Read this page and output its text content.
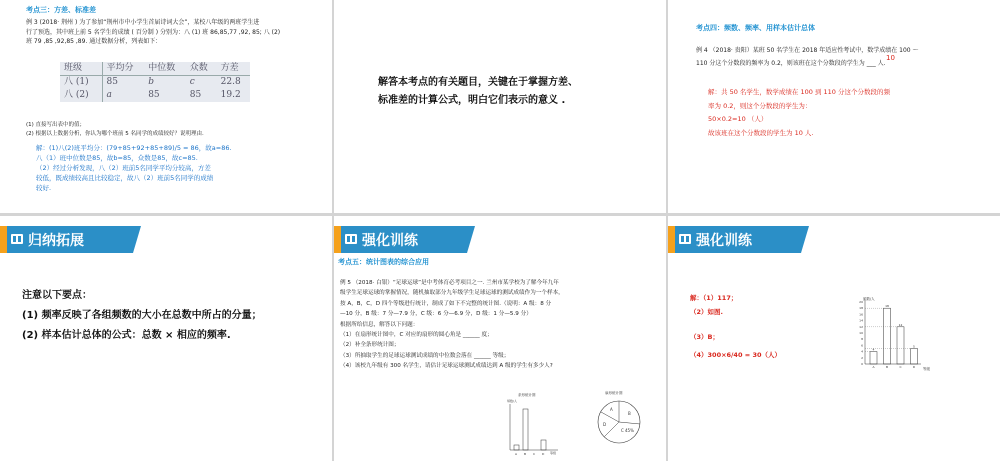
考点三：方差、标准差
例 3 (2018· 荆州 ) 为了参加“荆州市中小学生首届诗词大会”，某校八年级的两班学生进
行了预选，其中班上前 5 名学生的成绩 ( 百分制 ) 分别为：八 (1) 班 86,85,77 ,92, 85; 八 (2)
班 79 ,85 ,92,85 ,89. 通过数据分析，列表如下：
班级	平均分	中位数	众数	方差
八 (1)	85	b	c	22.8
八 (2)	a	85	85	19.2
(1) 直接写出表中的值；
(2) 根据以上数据分析，你认为哪个班前 5 名同学的成绩较好？说明理由.
解：(1)八(2)班平均分：(79+85+92+85+89)/5 = 86，故a=86.
八（1）班中位数是85，故b=85，众数是85，故c=85.
（2）经过分析发现，八（2）班前5名同学平均分较高，方差
较低，既成绩较高且比较稳定，故八（2）班前5名同学的成绩
较好.
解答本考点的有关题目，关键在于掌握方差、
标准差的计算公式，明白它们表示的意义 .
考点四：频数、频率、用样本估计总体
例 4 （2018· 贵阳）某班 50 名学生在 2018 年适应性考试中，数学成绩在 100 ～
110 分这个分数段的频率为 0.2，则该班在这个分数段的学生为 ___ 人.
10
解：共 50 名学生，数学成绩在 100 到 110 分这个分数段的频
率为 0.2，则这个分数段的学生为：
50×0.2=10 （人）
故该班在这个分数段的学生为 10 人.
归纳拓展
注意以下要点：
(1) 频率反映了各组频数的大小在总数中所占的分量；
(2) 样本估计总体的公式：总数 × 相应的频率.
强化训练
考点五：统计图表的综合应用
例 5 （2018· 白银）“足球运球”是中考体育必考项目之一. 兰州市某学校为了解今年九年
级学生足球运球的掌握情况，随机抽取部分九年级学生足球运球的测试成绩作为一个样本，
按 A，B，C，D 四个等级进行统计，制成了如下不完整的统计图.（说明：A 级：8 分
—10 分，B 级：7 分—7.9 分，C 级：6 分—6.9 分，D 级：1 分—5.9 分）
根据所给信息，解答以下问题：
（1）在扇形统计图中，C 对应的扇形的圆心角是 ______ 度；
（2）补全条形统计图；
（3）所抽取学生的足球运球测试成绩的中位数会落在 ______ 等级；
（4）该校九年级有 300 名学生，请估计足球运球测试成绩达到 A 级的学生有多少人?
条形统计图
频数/人
A	B C D 等级
扇形统计图
A
B
C 45%
D
强化训练
解：（1）117；
（2）如图.
（3）B；
（4）300×6/40 = 30（人）
频数/人
等级
0
2
4
6
8
10
12
14
16
18
20
4
A
18
B
12
C
5
D
